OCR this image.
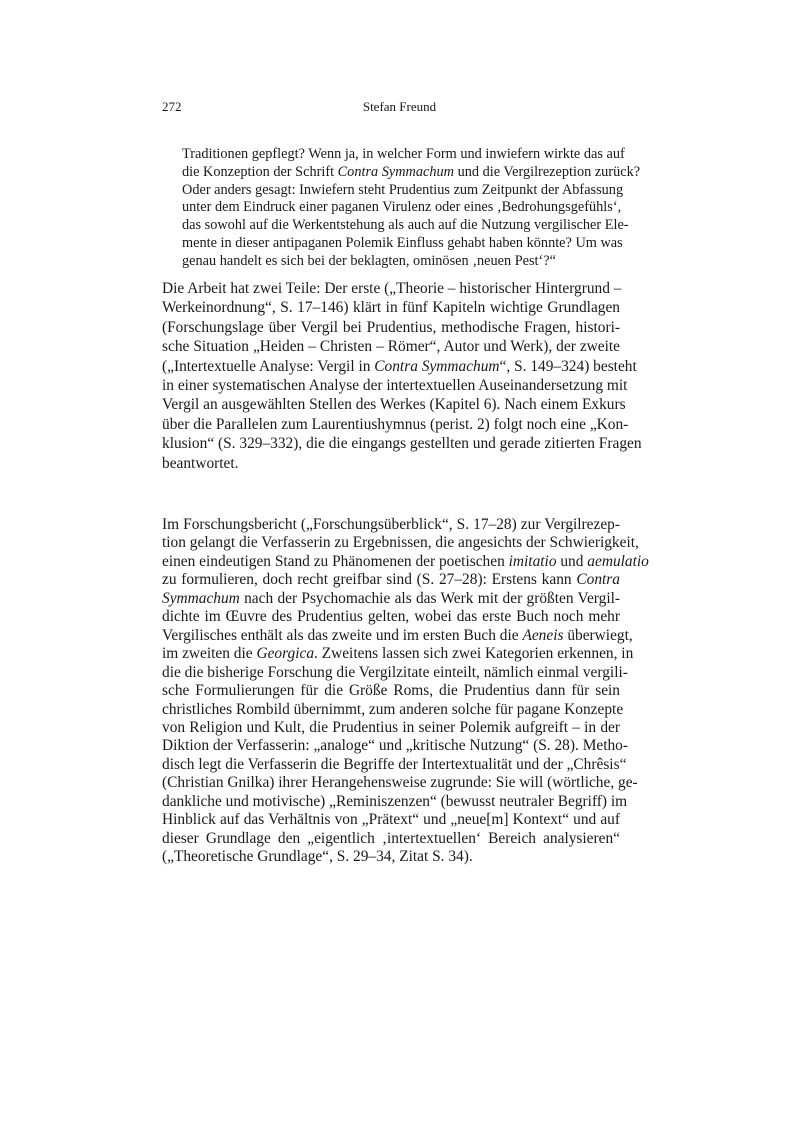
272	Stefan Freund
Traditionen gepflegt? Wenn ja, in welcher Form und inwiefern wirkte das auf
die Konzeption der Schrift Contra Symmachum und die Vergilrezeption zurück?
Oder anders gesagt: Inwiefern steht Prudentius zum Zeitpunkt der Abfassung
unter dem Eindruck einer paganen Virulenz oder eines ‚Bedrohungsgefühls‘,
das sowohl auf die Werkentstehung als auch auf die Nutzung vergilischer Ele-
mente in dieser antipaganen Polemik Einfluss gehabt haben könnte? Um was
genau handelt es sich bei der beklagten, ominösen ‚neuen Pest‘?“
Die Arbeit hat zwei Teile: Der erste („Theorie – historischer Hintergrund –
Werkeinordnung“, S. 17–146) klärt in fünf Kapiteln wichtige Grundlagen
(Forschungslage über Vergil bei Prudentius, methodische Fragen, histori-
sche Situation „Heiden – Christen – Römer“, Autor und Werk), der zweite
(„Intertextuelle Analyse: Vergil in Contra Symmachum“, S. 149–324) besteht
in einer systematischen Analyse der intertextuellen Auseinandersetzung mit
Vergil an ausgewählten Stellen des Werkes (Kapitel 6). Nach einem Exkurs
über die Parallelen zum Laurentiushymnus (perist. 2) folgt noch eine „Kon-
klusion“ (S. 329–332), die die eingangs gestellten und gerade zitierten Fragen
beantwortet.
Im Forschungsbericht („Forschungsüberblick“, S. 17–28) zur Vergilrezep-
tion gelangt die Verfasserin zu Ergebnissen, die angesichts der Schwierigkeit,
einen eindeutigen Stand zu Phänomenen der poetischen imitatio und aemulatio
zu formulieren, doch recht greifbar sind (S. 27–28): Erstens kann Contra
Symmachum nach der Psychomachie als das Werk mit der größten Vergil-
dichte im Œuvre des Prudentius gelten, wobei das erste Buch noch mehr
Vergilisches enthält als das zweite und im ersten Buch die Aeneis überwiegt,
im zweiten die Georgica. Zweitens lassen sich zwei Kategorien erkennen, in
die die bisherige Forschung die Vergilzitate einteilt, nämlich einmal vergili-
sche Formulierungen für die Größe Roms, die Prudentius dann für sein
christliches Rombild übernimmt, zum anderen solche für pagane Konzepte
von Religion und Kult, die Prudentius in seiner Polemik aufgreift – in der
Diktion der Verfasserin: „analoge“ und „kritische Nutzung“ (S. 28). Metho-
disch legt die Verfasserin die Begriffe der Intertextualität und der „Chrêsis“
(Christian Gnilka) ihrer Herangehensweise zugrunde: Sie will (wörtliche, ge-
dankliche und motivische) „Reminiszenzen“ (bewusst neutraler Begriff) im
Hinblick auf das Verhältnis von „Prätext“ und „neue[m] Kontext“ und auf
dieser Grundlage den „eigentlich ‚intertextuellen‘ Bereich analysieren“
(„Theoretische Grundlage“, S. 29–34, Zitat S. 34).
